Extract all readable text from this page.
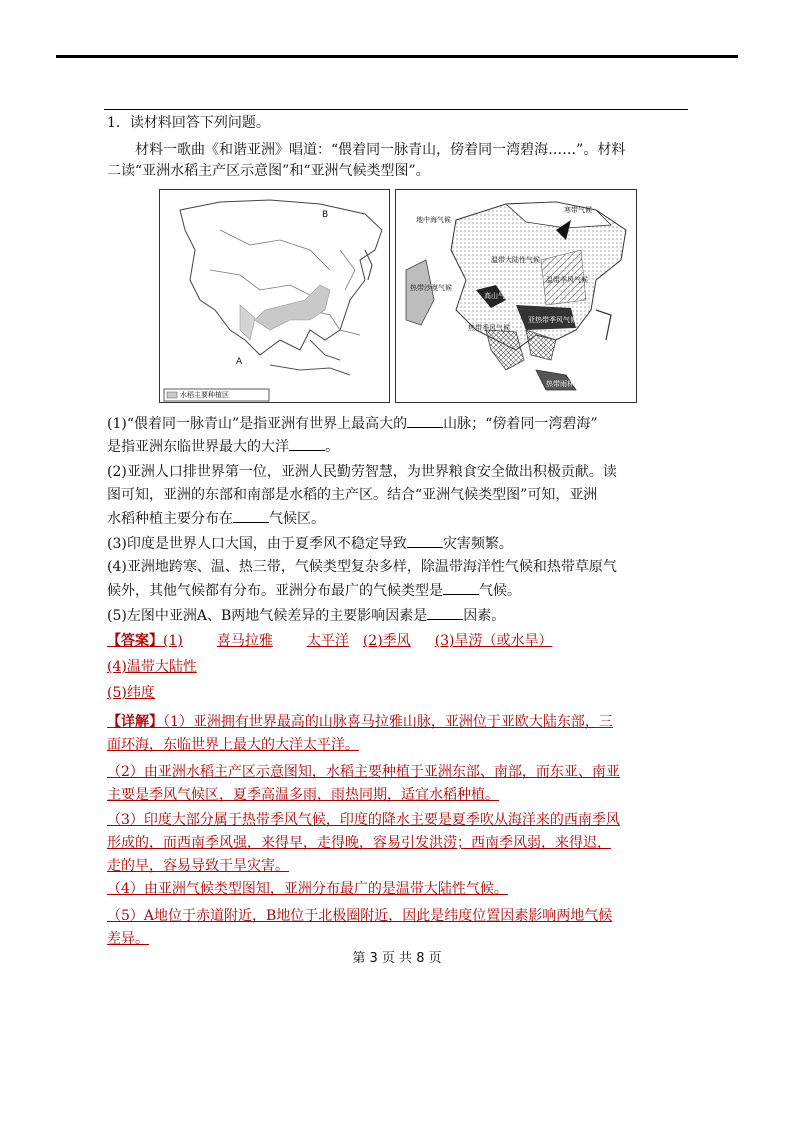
1．读材料回答下列问题。
材料一歌曲《和谐亚洲》唱道：“偎着同一脉青山，傍着同一湾碧海……”。材料
二读“亚洲水稻主产区示意图”和“亚洲气候类型图”。
B
A
水稻主要种植区
寒带气候
地中海气候
温带大陆性气候
热带沙漠气候
高山气候
温带季风气候
亚热带季风气候
热带季风气候
热带雨林气候
(1)“偎着同一脉青山”是指亚洲有世界上最高大的	山脉；“傍着同一湾碧海”
是指亚洲东临世界最大的大洋	。
(2)亚洲人口排世界第一位，亚洲人民勤劳智慧，为世界粮食安全做出积极贡献。读
图可知，亚洲的东部和南部是水稻的主产区。结合“亚洲气候类型图”可知，亚洲
水稻种植主要分布在	气候区。
(3)印度是世界人口大国，由于夏季风不稳定导致	灾害频繁。
(4)亚洲地跨寒、温、热三带，气候类型复杂多样，除温带海洋性气候和热带草原气
候外，其他气候都有分布。亚洲分布最广的气候类型是	气候。
(5)左图中亚洲A、B两地气候差异的主要影响因素是	因素。
【答案】(1) 喜马拉雅 太平洋 (2)季风 (3)旱涝（或水旱）
(4)温带大陆性
(5)纬度
【详解】（1）亚洲拥有世界最高的山脉喜马拉雅山脉，亚洲位于亚欧大陆东部，三
面环海，东临世界上最大的大洋太平洋。
（2）由亚洲水稻主产区示意图知，水稻主要种植于亚洲东部、南部，而东亚、南亚
主要是季风气候区，夏季高温多雨，雨热同期，适宜水稻种植。
（3）印度大部分属于热带季风气候，印度的降水主要是夏季吹从海洋来的西南季风
形成的，而西南季风强，来得早，走得晚，容易引发洪涝；西南季风弱，来得迟，
走的早，容易导致干旱灾害。
（4）由亚洲气候类型图知，亚洲分布最广的是温带大陆性气候。
（5）A地位于赤道附近，B地位于北极圈附近，因此是纬度位置因素影响两地气候
差异。
第 3 页 共 8 页
